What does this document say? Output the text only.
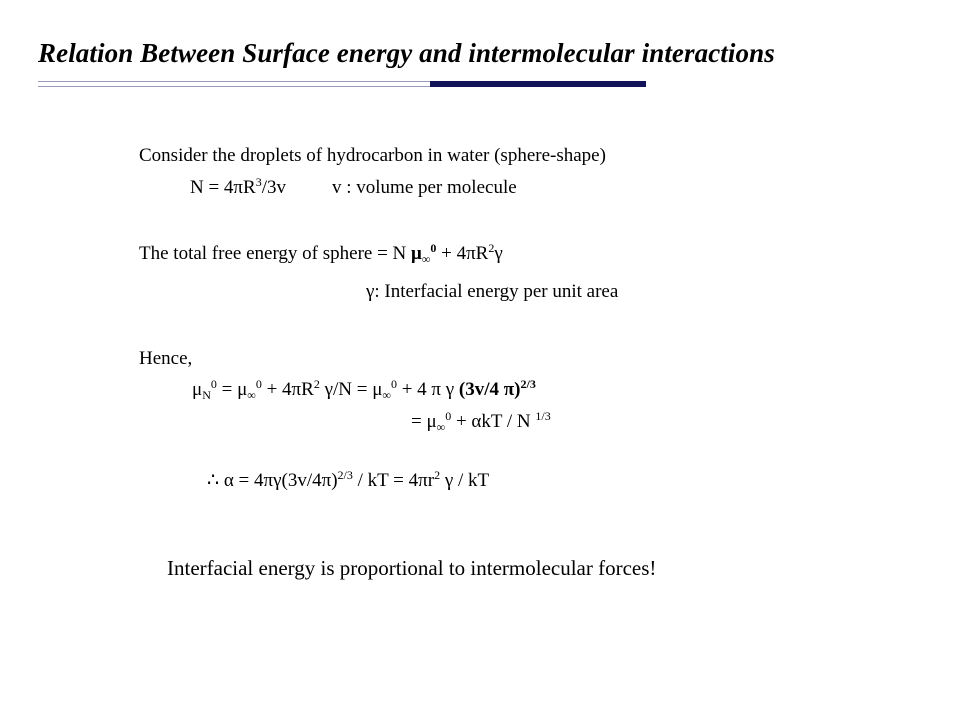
Relation Between Surface energy and intermolecular interactions
Consider the droplets of hydrocarbon in water (sphere-shape)
$N = 4\pi R^3/3v$ v : volume per molecule
The total free energy of sphere = N $\mu_\infty^0 + 4\pi R^2\gamma$
γ: Interfacial energy per unit area
Hence,
$\mu_N^0 = \mu_\infty^0 + 4\pi R^2$ $\gamma/N = \mu_\infty^0 + 4$ π γ (3v/4 π)$^{2/3}$
= $\mu_\infty^0 + \alpha kT / N$ $^{1/3}$
∴ $\alpha = 4\pi\gamma(3v/4\pi)^{2/3}$ / kT = $4\pi r^2$ γ / kT
Interfacial energy is proportional to intermolecular forces!
